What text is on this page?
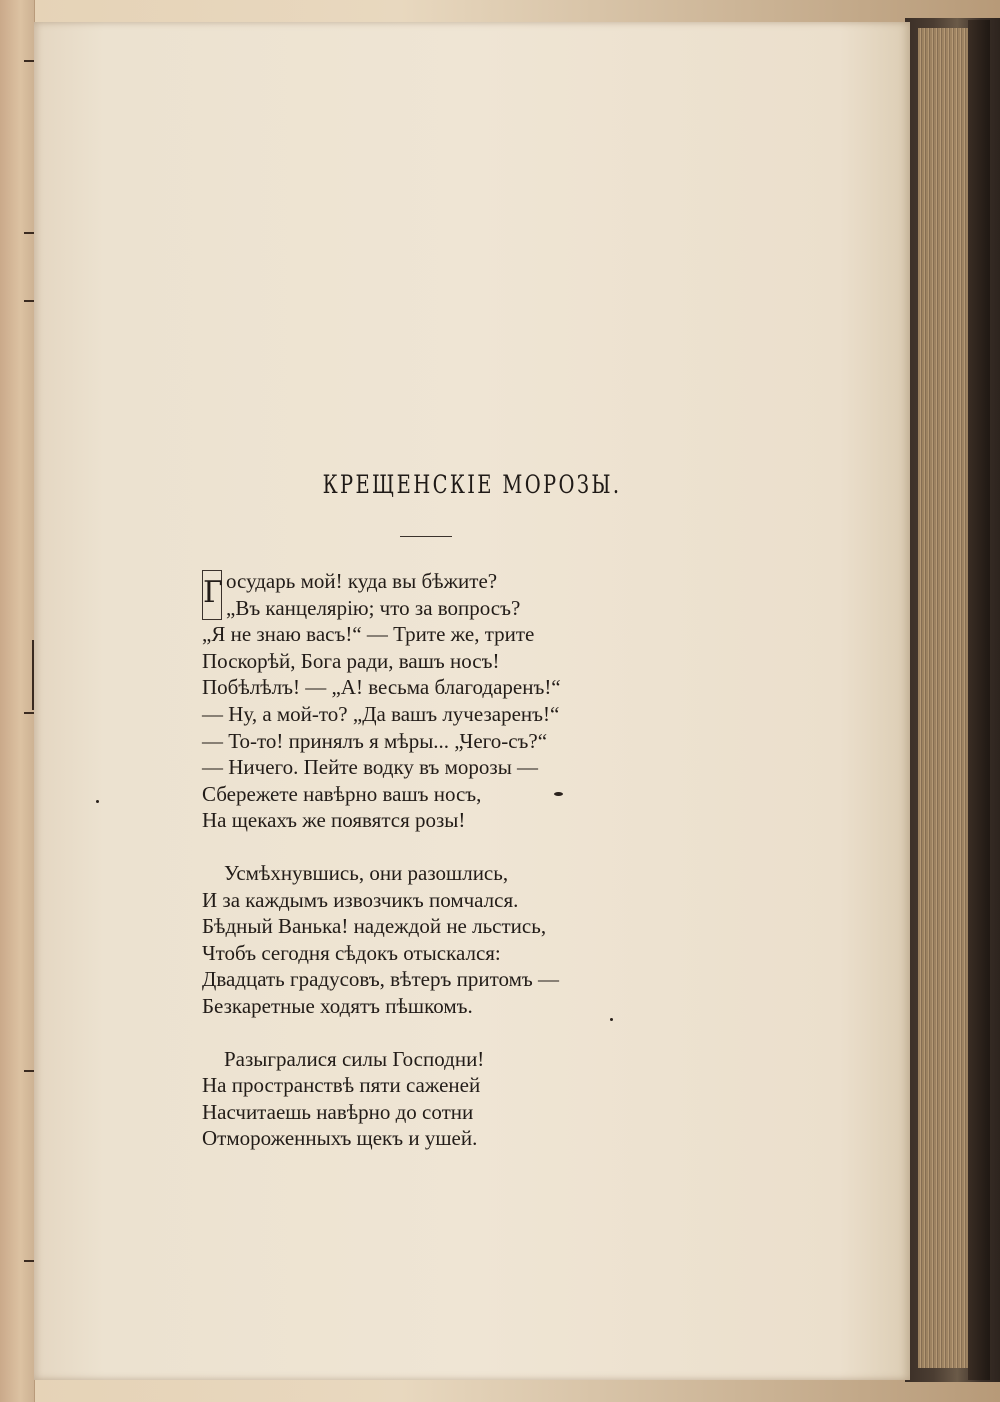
КРЕЩЕНСКIЕ МОРОЗЫ.
Г осударь мой! куда вы бѣжите?
„Въ канцелярiю; что за вопросъ?
„Я не знаю васъ!“ — Трите же, трите
Поскорѣй, Бога ради, вашъ носъ!
Побѣлѣлъ! — „А! весьма благодаренъ!“
— Ну, а мой-то? „Да вашъ лучезаренъ!“
— То-то! принялъ я мѣры... „Чего-съ?“
— Ничего. Пейте водку въ морозы —
Сбережете навѣрно вашъ носъ,
На щекахъ же появятся розы!
Усмѣхнувшись, они разошлись,
И за каждымъ извозчикъ помчался.
Бѣдный Ванька! надеждой не льстись,
Чтобъ сегодня сѣдокъ отыскался:
Двадцать градусовъ, вѣтеръ притомъ —
Безкаретные ходятъ пѣшкомъ.
Разыгралися силы Господни!
На пространствѣ пяти саженей
Насчитаешь навѣрно до сотни
Отмороженныхъ щекъ и ушей.
